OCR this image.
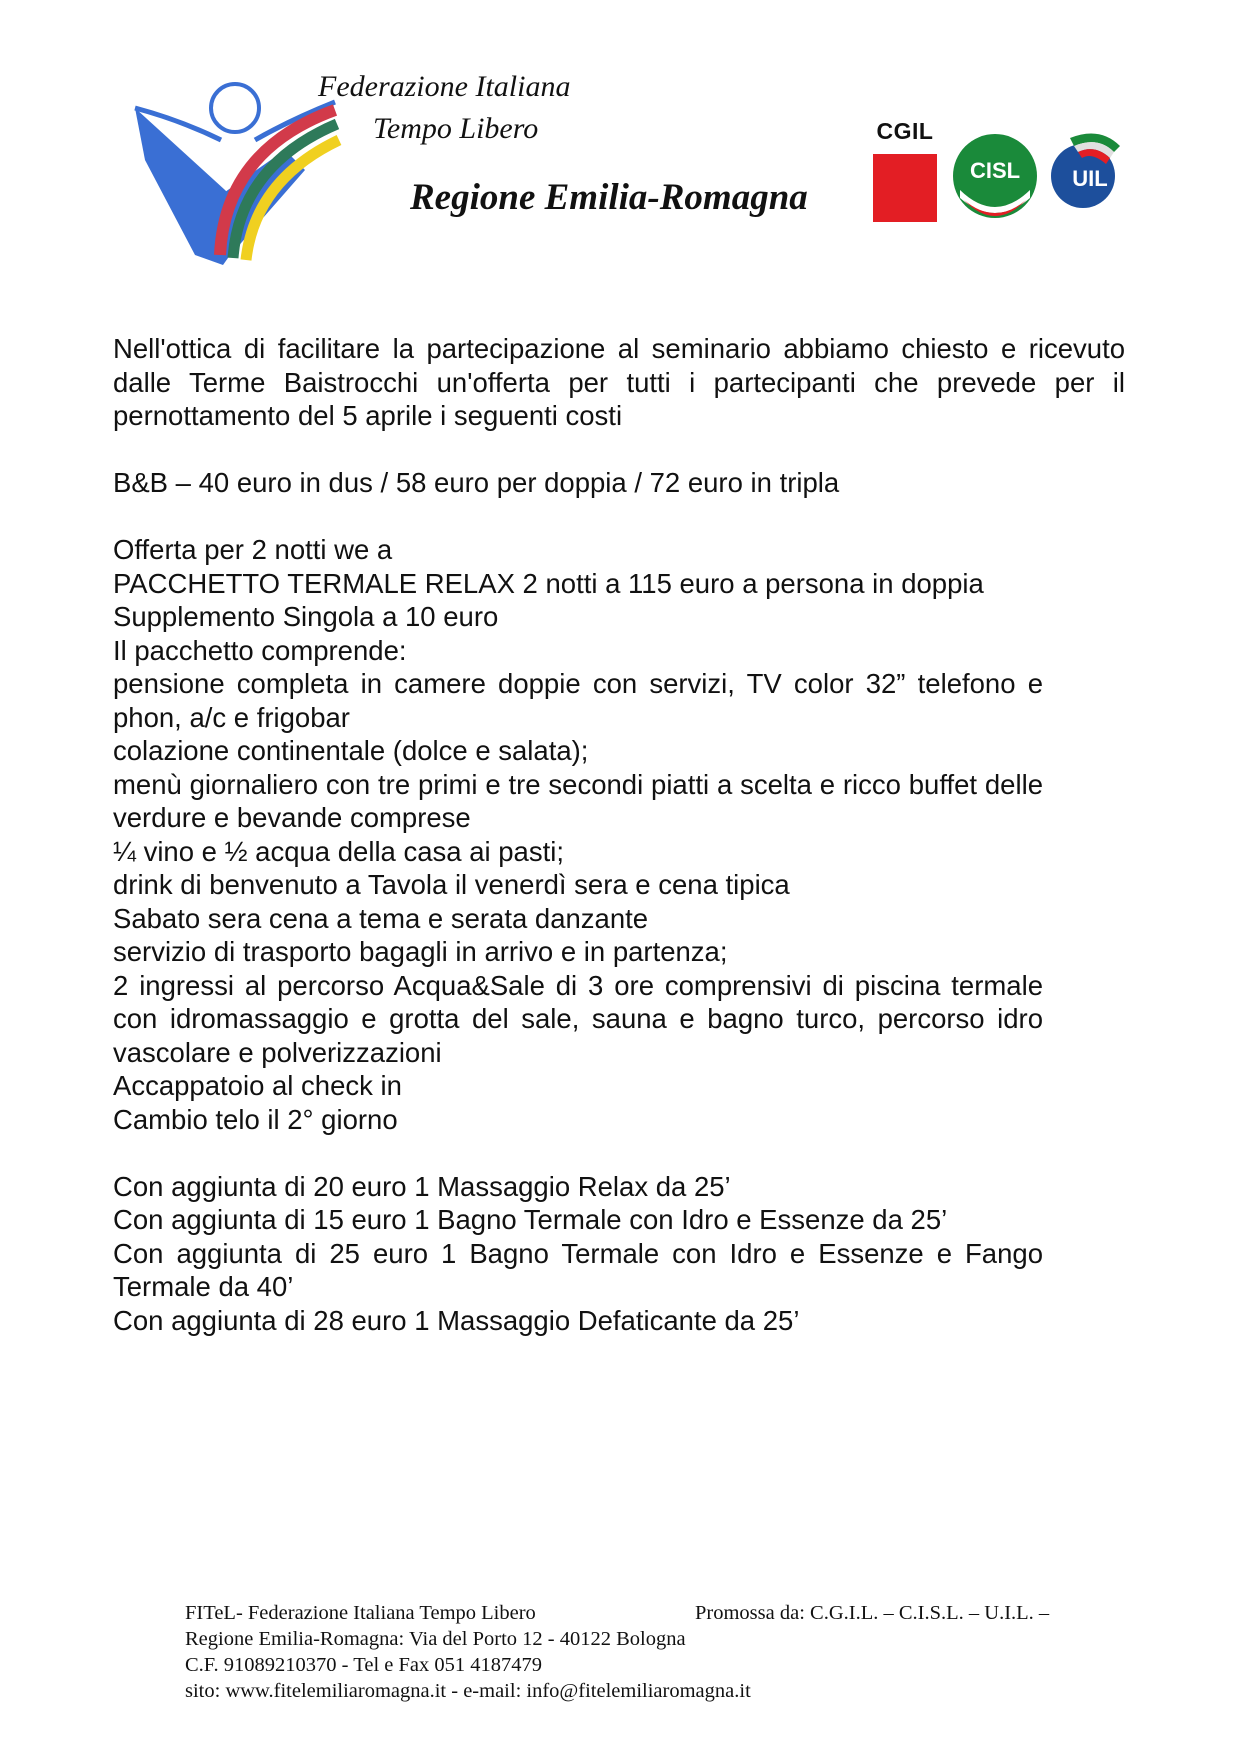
Federazione Italiana
Tempo Libero
Regione Emilia-Romagna
CGIL
CISL UIL

Nell'ottica di facilitare la partecipazione al seminario abbiamo chiesto e ricevuto dalle Terme Baistrocchi un'offerta per tutti i partecipanti che prevede per il pernottamento del 5 aprile i seguenti costi

B&B – 40 euro in dus / 58 euro per doppia / 72 euro in tripla

Offerta per 2 notti we a

PACCHETTO TERMALE RELAX 2 notti a 115 euro a persona in doppia

Supplemento Singola a 10 euro

Il pacchetto comprende:

pensione completa in camere doppie con servizi, TV color 32” telefono e phon, a/c e frigobar

colazione continentale (dolce e salata);

menù giornaliero con tre primi e tre secondi piatti a scelta e ricco buffet delle verdure e bevande comprese

¼ vino e ½ acqua della casa ai pasti;

drink di benvenuto a Tavola il venerdì sera e cena tipica

Sabato sera cena a tema e serata danzante

servizio di trasporto bagagli in arrivo e in partenza;

2 ingressi al percorso Acqua&Sale di 3 ore comprensivi di piscina termale con idromassaggio e grotta del sale, sauna e bagno turco, percorso idro vascolare e polverizzazioni

Accappatoio al check in

Cambio telo il 2° giorno

Con aggiunta di 20 euro 1 Massaggio Relax da 25’

Con aggiunta di 15 euro 1 Bagno Termale con Idro e Essenze da 25’

Con aggiunta di 25 euro 1 Bagno Termale con Idro e Essenze e Fango Termale da 40’

Con aggiunta di 28 euro 1 Massaggio Defaticante da 25’

FITeL- Federazione Italiana Tempo Libero	Promossa da: C.G.I.L. – C.I.S.L. – U.I.L. –
Regione Emilia-Romagna: Via del Porto 12 - 40122 Bologna
C.F. 91089210370 - Tel e Fax 051 4187479
sito: www.fitelemiliaromagna.it - e-mail: info@fitelemiliaromagna.it
